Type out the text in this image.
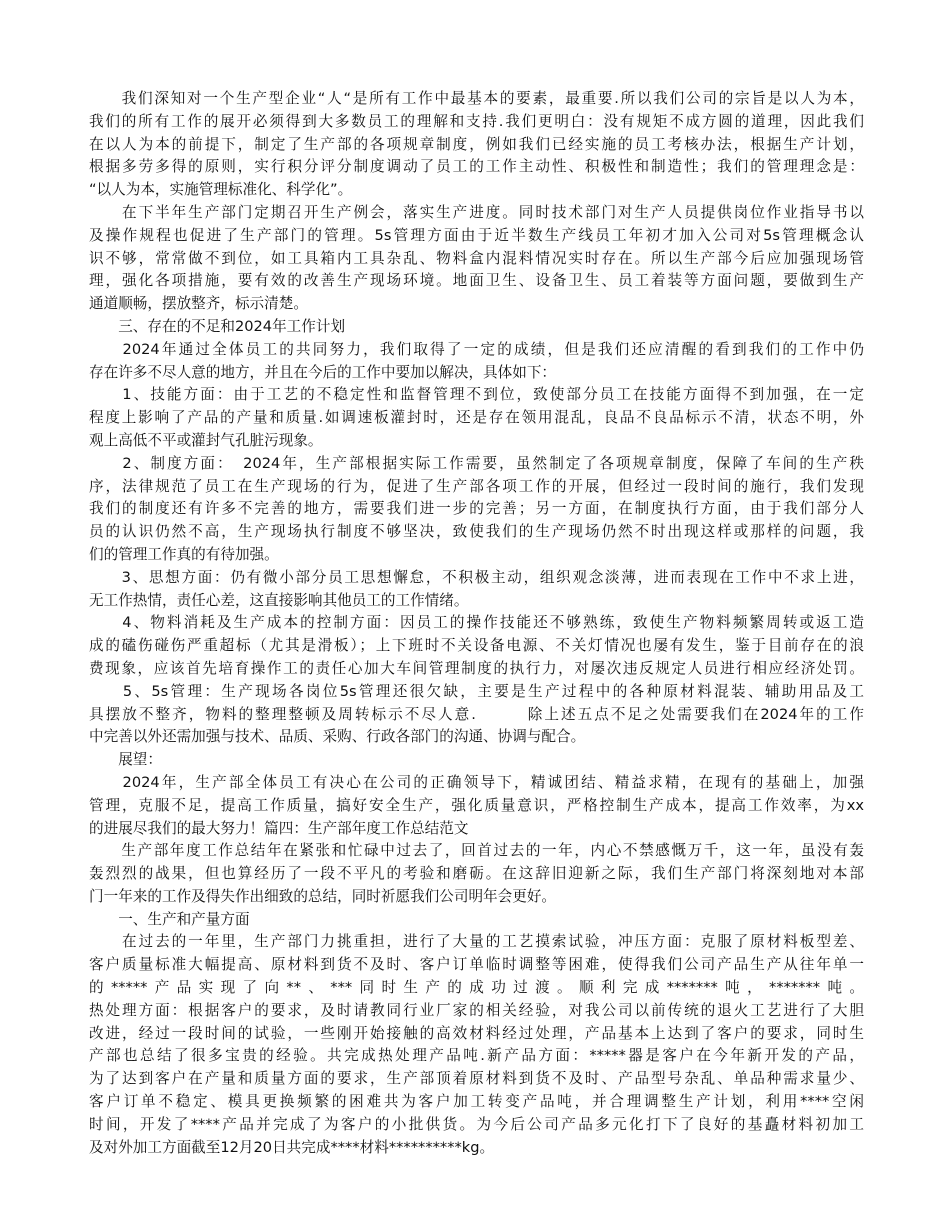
　　我们深知对一个生产型企业“人“是所有工作中最基本的要素，最重要.所以我们公司的宗旨是以人为本，
我们的所有工作的展开必须得到大多数员工的理解和支持.我们更明白：没有规矩不成方圆的道理，因此我们
在以人为本的前提下，制定了生产部的各项规章制度，例如我们已经实施的员工考核办法，根据生产计划，
根据多劳多得的原则，实行积分评分制度调动了员工的工作主动性、积极性和制造性；我们的管理理念是：
“以人为本，实施管理标准化、科学化”。
　　在下半年生产部门定期召开生产例会，落实生产进度。同时技术部门对生产人员提供岗位作业指导书以
及操作规程也促进了生产部门的管理。5s管理方面由于近半数生产线员工年初才加入公司对5s管理概念认
识不够，常常做不到位，如工具箱内工具杂乱、物料盒内混料情况实时存在。所以生产部今后应加强现场管
理，强化各项措施，要有效的改善生产现场环境。地面卫生、设备卫生、员工着装等方面问题，要做到生产
通道顺畅，摆放整齐，标示清楚。
　　三、存在的不足和2024年工作计划
　　2024年通过全体员工的共同努力，我们取得了一定的成绩，但是我们还应清醒的看到我们的工作中仍
存在许多不尽人意的地方，并且在今后的工作中要加以解决，具体如下：
　　1、技能方面：由于工艺的不稳定性和监督管理不到位，致使部分员工在技能方面得不到加强，在一定
程度上影响了产品的产量和质量.如调速板灌封时，还是存在领用混乱，良品不良品标示不清，状态不明，外
观上高低不平或灌封气孔脏污现象。
　　2、制度方面：　2024年，生产部根据实际工作需要，虽然制定了各项规章制度，保障了车间的生产秩
序，法律规范了员工在生产现场的行为，促进了生产部各项工作的开展，但经过一段时间的施行，我们发现
我们的制度还有许多不完善的地方，需要我们进一步的完善；另一方面，在制度执行方面，由于我们部分人
员的认识仍然不高，生产现场执行制度不够坚决，致使我们的生产现场仍然不时出现这样或那样的问题，我
们的管理工作真的有待加强。
　　3、思想方面：仍有微小部分员工思想懈怠，不积极主动，组织观念淡薄，进而表现在工作中不求上进，
无工作热情，责任心差，这直接影响其他员工的工作情绪。
　　4、物料消耗及生产成本的控制方面：因员工的操作技能还不够熟练，致使生产物料频繁周转或返工造
成的磕伤碰伤严重超标（尤其是滑板）；上下班时不关设备电源、不关灯情况也屡有发生，鉴于目前存在的浪
费现象，应该首先培育操作工的责任心加大车间管理制度的执行力，对屡次违反规定人员进行相应经济处罚。
　　5、5s管理：生产现场各岗位5s管理还很欠缺，主要是生产过程中的各种原材料混装、辅助用品及工
具摆放不整齐，物料的整理整顿及周转标示不尽人意.　　　除上述五点不足之处需要我们在2024年的工作
中完善以外还需加强与技术、品质、采购、行政各部门的沟通、协调与配合。
　　展望：
　　2024年，生产部全体员工有决心在公司的正确领导下，精诚团结、精益求精，在现有的基础上，加强
管理，克服不足，提高工作质量，搞好安全生产，强化质量意识，严格控制生产成本，提高工作效率，为xx
的进展尽我们的最大努力！篇四：生产部年度工作总结范文
　　生产部年度工作总结年在紧张和忙碌中过去了，回首过去的一年，内心不禁感慨万千，这一年，虽没有轰
轰烈烈的战果，但也算经历了一段不平凡的考验和磨砺。在这辞旧迎新之际，我们生产部门将深刻地对本部
门一年来的工作及得失作出细致的总结，同时祈愿我们公司明年会更好。
　　一、生产和产量方面
　　在过去的一年里，生产部门力挑重担，进行了大量的工艺摸索试验，冲压方面：克服了原材料板型差、
客户质量标准大幅提高、原材料到货不及时、客户订单临时调整等困难，使得我们公司产品生产从往年单一
的*****产品实现了向**、***同时生产的成功过渡。顺利完成*******吨，*******吨。
热处理方面：根据客户的要求，及时请教同行业厂家的相关经验，对我公司以前传统的退火工艺进行了大胆
改进，经过一段时间的试验，一些刚开始接触的高效材料经过处理，产品基本上达到了客户的要求，同时生
产部也总结了很多宝贵的经验。共完成热处理产品吨.新产品方面：*****器是客户在今年新开发的产品，
为了达到客户在产量和质量方面的要求，生产部顶着原材料到货不及时、产品型号杂乱、单品种需求量少、
客户订单不稳定、模具更换频繁的困难共为客户加工转变产品吨，并合理调整生产计划，利用****空闲
时间，开发了****产品并完成了为客户的小批供货。为今后公司产品多元化打下了良好的基矗材料初加工
及对外加工方面截至12月20日共完成****材料**********kg。
